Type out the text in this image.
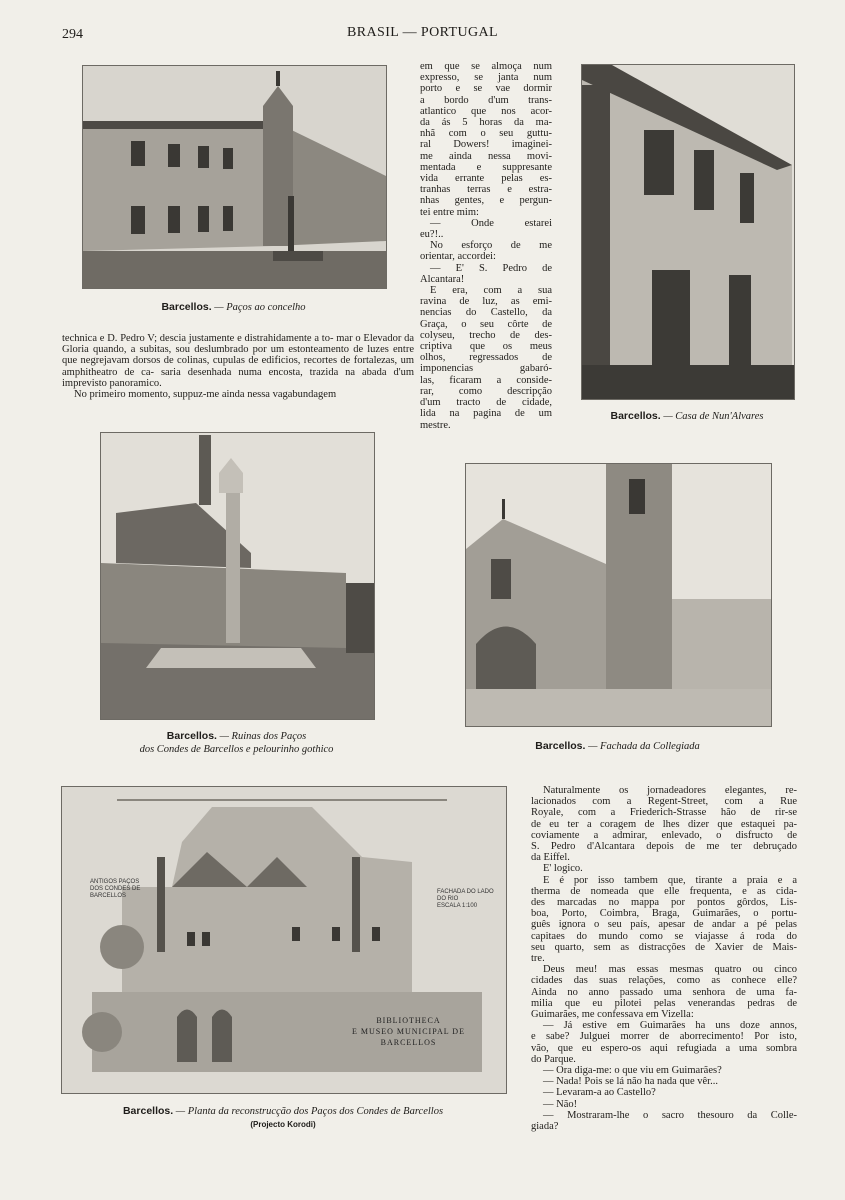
294	BRASIL — PORTUGAL
Barcellos. — Paços ao concelho
Barcellos. — Casa de Nun'Alvares
em que se almoça num
expresso, se janta num
porto e se vae dormir
a bordo d'um trans-
atlantico que nos acor-
da ás 5 horas da ma-
nhã com o seu guttu-
ral Dowers! imaginei-
me ainda nessa movi-
mentada e suppresante
vida errante pelas es-
tranhas terras e estra-
nhas gentes, e pergun-
tei entre mim:
— Onde estarei
eu?!..
No esforço de me
orientar, accordei:
— E' S. Pedro de
Alcantara!
E era, com a sua
ravina de luz, as emi-
nencias do Castello, da
Graça, o seu côrte de
colyseu, trecho de des-
criptiva que os meus
olhos, regressados de
imponencias gabaró-
las, ficaram a conside-
rar, como descripção
d'um tracto de cidade,
lida na pagina de um
mestre.

technica e D. Pedro V; descia justamente e distrahidamente a to- mar o Elevador da Gloria quando, a subitas, sou deslumbrado por um estonteamento de luzes entre que negrejavam dorsos de colinas, cupulas de edificios, recortes de fortalezas, um amphitheatro de ca- saria desenhada numa encosta, trazida na abada d'um imprevisto panoramico.

No primeiro momento, suppuz-me ainda nessa vagabundagem

Barcellos. — Ruinas dos Paços
dos Condes de Barcellos e pelourinho gothico	Barcellos. — Fachada da Collegiada
ANTIGOS PAÇOS
DOS CONDES DE
BARCELLOS
FACHADA DO LADO
DO RIO
ESCALA 1:100
BIBLIOTHECA
E MUSEO MUNICIPAL DE
BARCELLOS
Barcellos. — Planta da reconstrucção dos Paços dos Condes de Barcellos
(Projecto Korodi)
Naturalmente os jornadeadores elegantes, re-
lacionados com a Regent-Street, com a Rue
Royale, com a Friederich-Strasse hão de rir-se
de eu ter a coragem de lhes dizer que estaquei pa-
coviamente a admirar, enlevado, o disfructo de
S. Pedro d'Alcantara depois de me ter debruçado
da Eiffel.
E' logico.
E é por isso tambem que, tirante a praia e a
therma de nomeada que elle frequenta, e as cida-
des marcadas no mappa por pontos gôrdos, Lis-
boa, Porto, Coimbra, Braga, Guimarães, o portu-
guês ignora o seu país, apesar de andar a pé pelas
capitaes do mundo como se viajasse á roda do
seu quarto, sem as distracções de Xavier de Mais-
tre.
Deus meu! mas essas mesmas quatro ou cinco
cidades das suas relações, como as conhece elle?
Ainda no anno passado uma senhora de uma fa-
milia que eu pilotei pelas venerandas pedras de
Guimarães, me confessava em Vizella:
— Já estive em Guimarães ha uns doze annos,
e sabe? Julguei morrer de aborrecimento! Por isto,
vão, que eu espero-os aqui refugiada a uma sombra
do Parque.
— Ora diga-me: o que viu em Guimarães?
— Nada! Pois se lá não ha nada que vêr...
— Levaram-a ao Castello?
— Não!
— Mostraram-lhe o sacro thesouro da Colle-
giada?
